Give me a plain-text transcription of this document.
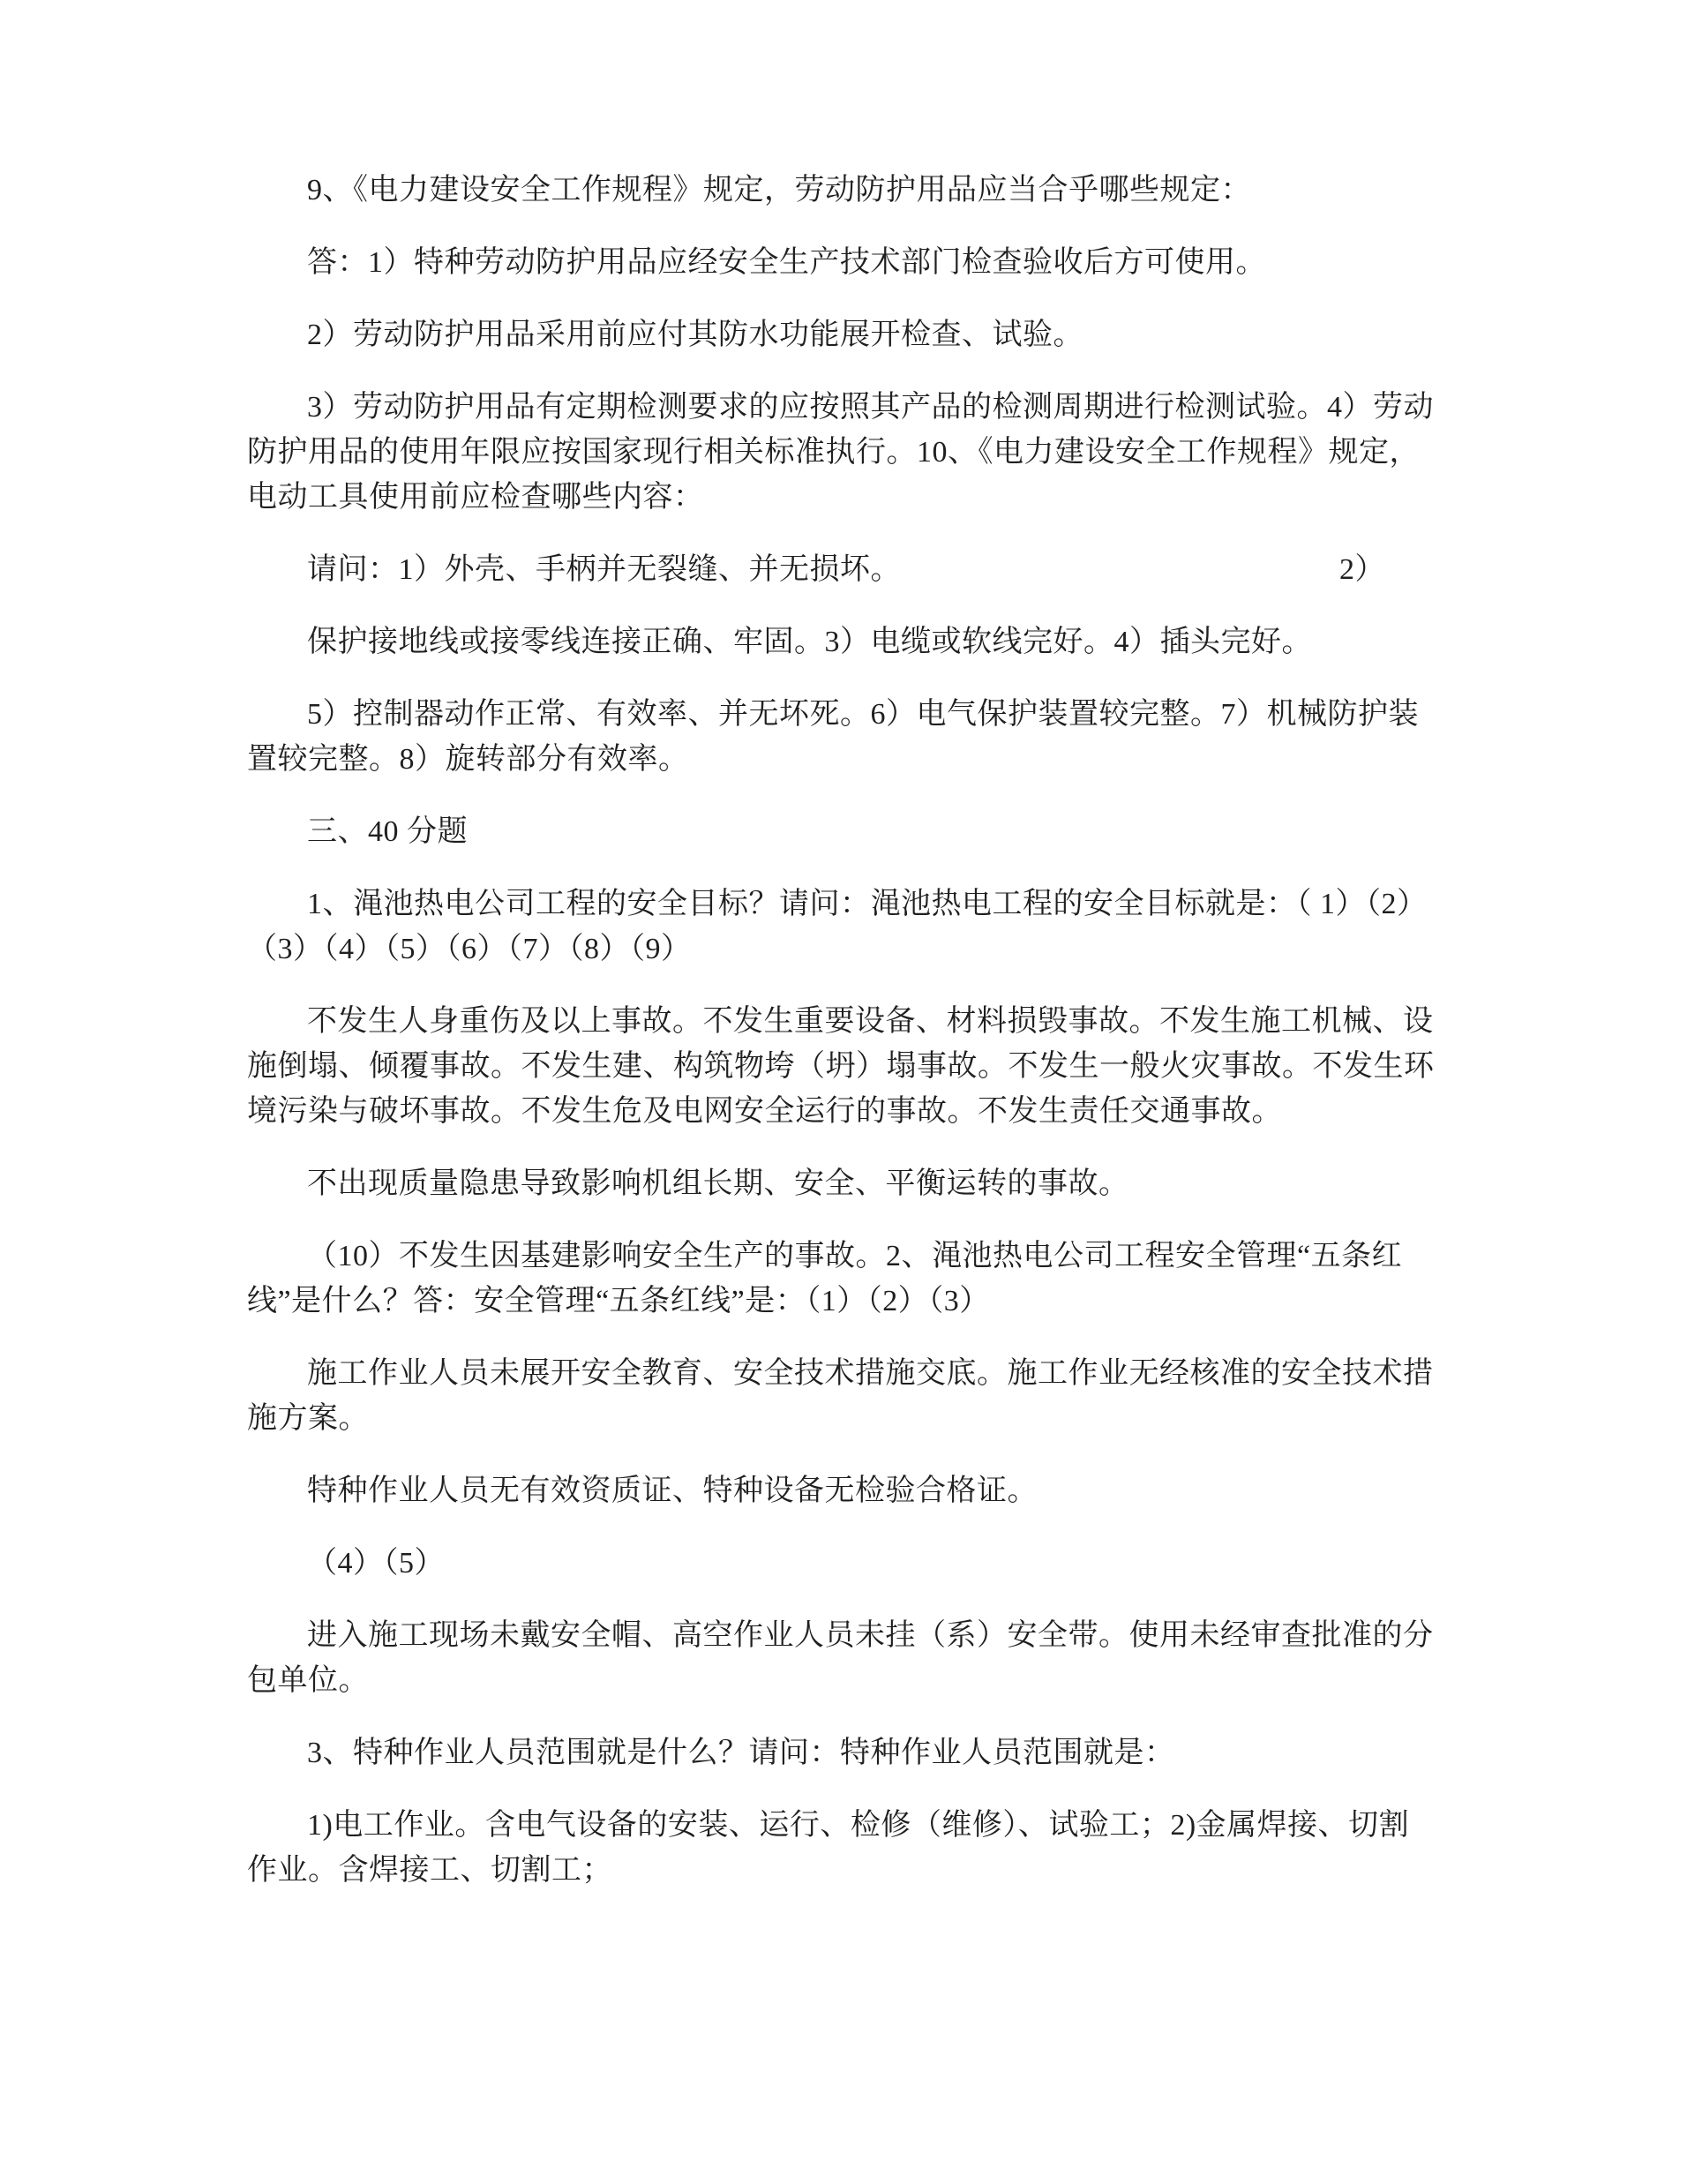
9、《电力建设安全工作规程》规定，劳动防护用品应当合乎哪些规定：
答：1）特种劳动防护用品应经安全生产技术部门检查验收后方可使用。
2）劳动防护用品采用前应付其防水功能展开检查、试验。
3）劳动防护用品有定期检测要求的应按照其产品的检测周期进行检测试验。4）劳动
防护用品的使用年限应按国家现行相关标准执行。10、《电力建设安全工作规程》规定，
电动工具使用前应检查哪些内容：
请问：1）外壳、手柄并无裂缝、并无损坏。	2）
保护接地线或接零线连接正确、牢固。3）电缆或软线完好。4）插头完好。
5）控制器动作正常、有效率、并无坏死。6）电气保护装置较完整。7）机械防护装
置较完整。8）旋转部分有效率。
三、40 分题
1、渑池热电公司工程的安全目标？请问：渑池热电工程的安全目标就是：（ 1）（2）
（3）（4）（5）（6）（7）（8）（9）
不发生人身重伤及以上事故。不发生重要设备、材料损毁事故。不发生施工机械、设
施倒塌、倾覆事故。不发生建、构筑物垮（坍）塌事故。不发生一般火灾事故。不发生环
境污染与破坏事故。不发生危及电网安全运行的事故。不发生责任交通事故。
不出现质量隐患导致影响机组长期、安全、平衡运转的事故。
（10）不发生因基建影响安全生产的事故。2、渑池热电公司工程安全管理“五条红
线”是什么？答：安全管理“五条红线”是：（1）（2）（3）
施工作业人员未展开安全教育、安全技术措施交底。施工作业无经核准的安全技术措
施方案。
特种作业人员无有效资质证、特种设备无检验合格证。
（4）（5）
进入施工现场未戴安全帽、高空作业人员未挂（系）安全带。使用未经审查批准的分
包单位。
3、特种作业人员范围就是什么？请问：特种作业人员范围就是：
1)电工作业。含电气设备的安装、运行、检修（维修）、试验工；2)金属焊接、切割
作业。含焊接工、切割工；
